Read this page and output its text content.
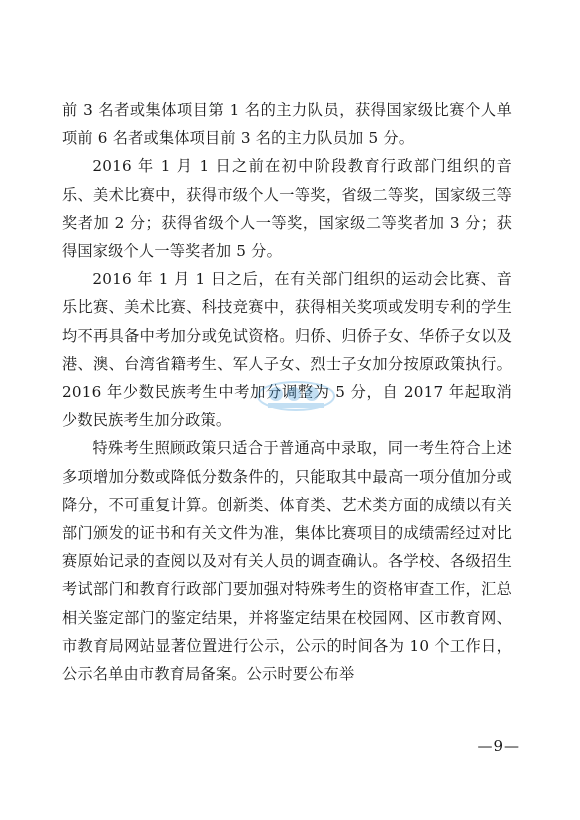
前 3 名者或集体项目第 1 名的主力队员，获得国家级比赛个人单项前 6 名者或集体项目前 3 名的主力队员加 5 分。

2016 年 1 月 1 日之前在初中阶段教育行政部门组织的音乐、美术比赛中，获得市级个人一等奖，省级二等奖，国家级三等奖者加 2 分；获得省级个人一等奖，国家级二等奖者加 3 分；获得国家级个人一等奖者加 5 分。

2016 年 1 月 1 日之后，在有关部门组织的运动会比赛、音乐比赛、美术比赛、科技竞赛中，获得相关奖项或发明专利的学生均不再具备中考加分或免试资格。归侨、归侨子女、华侨子女以及港、澳、台湾省籍考生、军人子女、烈士子女加分按原政策执行。2016 年少数民族考生中考加分调整为 5 分，自 2017 年起取消少数民族考生加分政策。

特殊考生照顾政策只适合于普通高中录取，同一考生符合上述多项增加分数或降低分数条件的，只能取其中最高一项分值加分或降分，不可重复计算。创新类、体育类、艺术类方面的成绩以有关部门颁发的证书和有关文件为准，集体比赛项目的成绩需经过对比赛原始记录的查阅以及对有关人员的调查确认。各学校、各级招生考试部门和教育行政部门要加强对特殊考生的资格审查工作，汇总相关鉴定部门的鉴定结果，并将鉴定结果在校园网、区市教育网、市教育局网站显著位置进行公示，公示的时间各为 10 个工作日，公示名单由市教育局备案。公示时要公布举

—9—
